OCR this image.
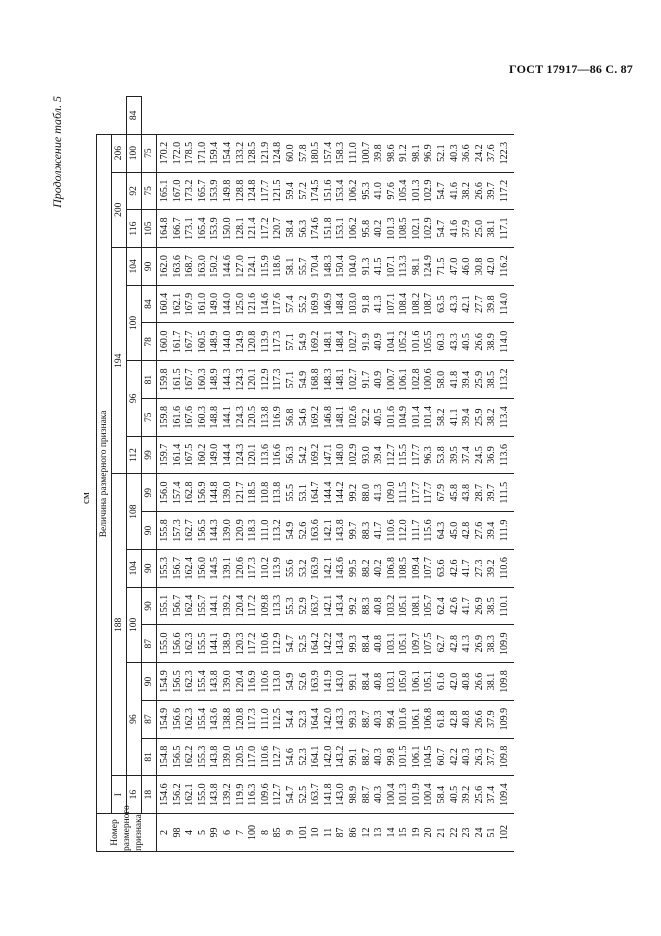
ГОСТ 17917—86 С. 87
Продолжение табл. 5
см
Номер размерного признака	Величина размерного признака																		
	I	188								194						200		206	
	16	96			100		104	108		112	96		100		104	116	92	100	84
	18	81	87	90	87	90	90	90	99	99	75	81	78	84	90	105	75	75	
2	154.6	154.8	154.9	154.9	155.0	155.1	155.3	155.8	156.0	159.7	159.8	159.8	160.0	160.4	162.0	164.8	165.1	170.2	
98	156.2	156.5	156.6	156.5	156.6	156.7	156.7	157.3	157.4	161.4	161.6	161.5	161.7	162.1	163.6	166.7	167.0	172.0	
4	162.1	162.2	162.3	162.3	162.3	162.4	162.4	162.7	162.8	167.5	167.6	167.7	167.7	167.9	168.7	173.1	173.2	178.5	
5	155.0	155.3	155.4	155.4	155.5	155.7	156.0	156.5	156.9	160.2	160.3	160.3	160.5	161.0	163.0	165.4	165.7	171.0	
99	143.8	143.8	143.6	143.8	144.1	144.1	144.5	144.3	144.8	149.0	148.8	148.9	148.9	149.0	150.2	153.9	153.9	159.4	
6	139.2	139.0	138.8	139.0	138.9	139.2	139.1	139.0	139.0	144.4	144.1	144.3	144.0	144.0	144.6	150.0	149.8	154.4	
7	119.9	120.5	120.8	120.4	120.3	120.4	120.6	120.9	121.7	124.3	124.3	124.3	124.9	125.0	127.0	128.1	128.8	133.2	
100	116.3	117.0	117.3	116.9	117.2	117.2	117.3	118.3	118.5	120.1	120.5	120.1	120.8	121.6	124.1	121.4	124.8	128.5	
8	109.6	110.6	111.0	110.6	110.6	109.8	110.2	111.0	110.8	113.6	113.8	112.9	113.9	114.6	115.9	117.2	117.7	121.9	
85	112.7	112.7	112.5	113.0	112.9	113.3	113.9	113.2	113.8	116.6	116.9	117.3	117.3	117.6	118.6	120.7	121.5	124.8	
9	54.7	54.6	54.4	54.9	54.7	55.3	55.6	54.9	55.5	56.3	56.8	57.1	57.1	57.4	58.1	58.4	59.4	60.0	
101	52.5	52.3	52.3	52.6	52.5	52.9	53.2	52.6	53.1	54.2	54.6	54.9	54.9	55.2	55.7	56.3	57.2	57.8	
10	163.7	164.1	164.4	163.9	164.2	163.7	163.9	163.6	164.7	169.2	169.2	168.8	169.2	169.9	170.4	174.6	174.5	180.5	
11	141.8	142.0	142.0	141.9	142.2	142.1	142.1	142.1	144.4	147.1	146.8	148.3	148.1	146.9	148.3	151.8	151.6	157.4	
87	143.0	143.2	143.3	143.0	143.4	143.4	143.6	143.8	144.2	148.0	148.1	148.1	148.4	148.4	150.4	153.1	153.4	158.3	
86	98.9	99.1	99.3	99.1	99.3	99.2	99.5	99.7	99.2	102.9	102.6	102.7	102.7	103.0	104.0	106.2	106.2	111.0	
12	88.7	88.7	88.7	88.4	88.4	88.3	88.2	88.3	88.0	93.0	92.2	91.7	91.9	91.8	91.3	95.8	95.3	100.7	
13	40.3	40.3	40.3	40.8	40.8	40.8	40.2	41.7	41.3	39.4	40.5	40.9	40.9	41.3	41.5	40.2	41.0	39.8	
14	100.4	99.8	99.4	103.1	103.1	103.2	106.8	110.6	109.0	112.7	101.6	100.7	104.1	107.1	107.1	101.3	97.6	98.6	
15	101.3	101.5	101.6	105.0	105.1	105.1	108.5	112.0	111.5	115.5	104.9	106.1	105.2	108.4	113.3	108.5	105.4	91.2	
19	101.9	106.1	106.1	106.1	109.7	108.1	109.4	111.7	117.7	117.7	101.4	102.8	101.6	108.2	98.1	102.1	101.3	98.1	
20	100.4	104.5	106.8	105.1	107.5	105.7	107.7	115.6	117.7	96.3	101.4	100.6	105.5	108.7	124.9	102.9	102.9	96.9	
21	58.4	60.7	61.8	61.6	62.7	62.4	63.6	64.3	67.9	53.8	58.2	58.0	60.3	63.5	71.5	54.7	54.7	52.1	
22	40.5	42.2	42.8	42.0	42.8	42.6	42.6	45.0	45.8	39.5	41.1	41.8	43.3	43.3	47.0	41.6	41.6	40.3	
23	39.2	40.3	40.8	40.8	41.3	41.7	41.7	42.8	43.8	37.4	39.4	39.4	40.5	42.1	46.0	37.9	38.2	36.6	
24	25.6	26.3	26.6	26.6	26.9	26.9	27.3	27.6	28.7	24.5	25.9	25.9	26.6	27.7	30.8	25.0	26.6	24.2	
51	37.4	37.7	37.9	38.1	38.3	38.5	39.2	39.4	39.7	36.9	38.2	38.5	38.9	39.8	42.0	38.1	39.7	37.6	
102	109.4	109.8	109.9	109.8	109.9	110.1	110.6	111.9	111.5	113.6	113.4	113.2	114.0	114.0	116.2	117.1	117.2	122.3	
